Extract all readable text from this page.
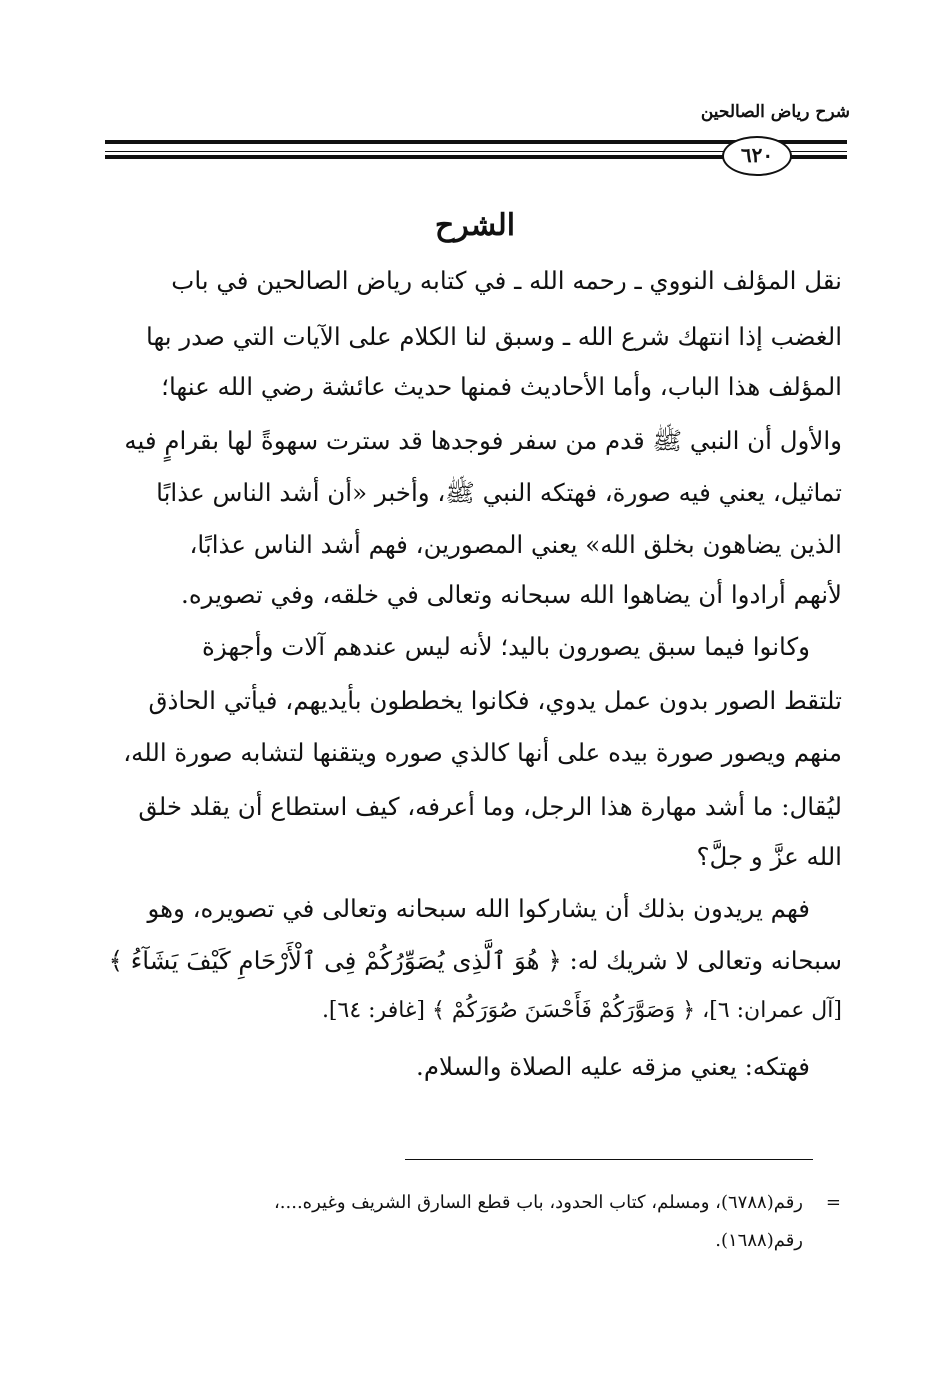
شرح رياض الصالحين
٦٢٠
الشرح
نقل المؤلف النووي ـ رحمه الله ـ في كتابه رياض الصالحين في باب
الغضب إذا انتهك شرع الله ـ وسبق لنا الكلام على الآيات التي صدر بها
المؤلف هذا الباب، وأما الأحاديث فمنها حديث عائشة رضي الله عنها؛
والأول أن النبي ﷺ قدم من سفر فوجدها قد سترت سهوةً لها بقرامٍ فيه
تماثيل، يعني فيه صورة، فهتكه النبي ﷺ، وأخبر «أن أشد الناس عذابًا
الذين يضاهون بخلق الله» يعني المصورين، فهم أشد الناس عذابًا،
لأنهم أرادوا أن يضاهوا الله سبحانه وتعالى في خلقه، وفي تصويره.
وكانوا فيما سبق يصورون باليد؛ لأنه ليس عندهم آلات وأجهزة
تلتقط الصور بدون عمل يدوي، فكانوا يخططون بأيديهم، فيأتي الحاذق
منهم ويصور صورة بيده على أنها كالذي صوره ويتقنها لتشابه صورة الله،
ليُقال: ما أشد مهارة هذا الرجل، وما أعرفه، كيف استطاع أن يقلد خلق
الله عزَّ و جلَّ؟
فهم يريدون بذلك أن يشاركوا الله سبحانه وتعالى في تصويره، وهو
سبحانه وتعالى لا شريك له: ﴿ هُوَ ٱلَّذِى يُصَوِّرُكُمْ فِى ٱلْأَرْحَامِ كَيْفَ يَشَآءُ ﴾
[آل عمران: ٦]، ﴿ وَصَوَّرَكُمْ فَأَحْسَنَ صُوَرَكُمْ ﴾ [غافر: ٦٤].
فهتكه: يعني مزقه عليه الصلاة والسلام.
=
رقم(٦٧٨٨)، ومسلم، كتاب الحدود، باب قطع السارق الشريف وغيره....،
رقم(١٦٨٨).
